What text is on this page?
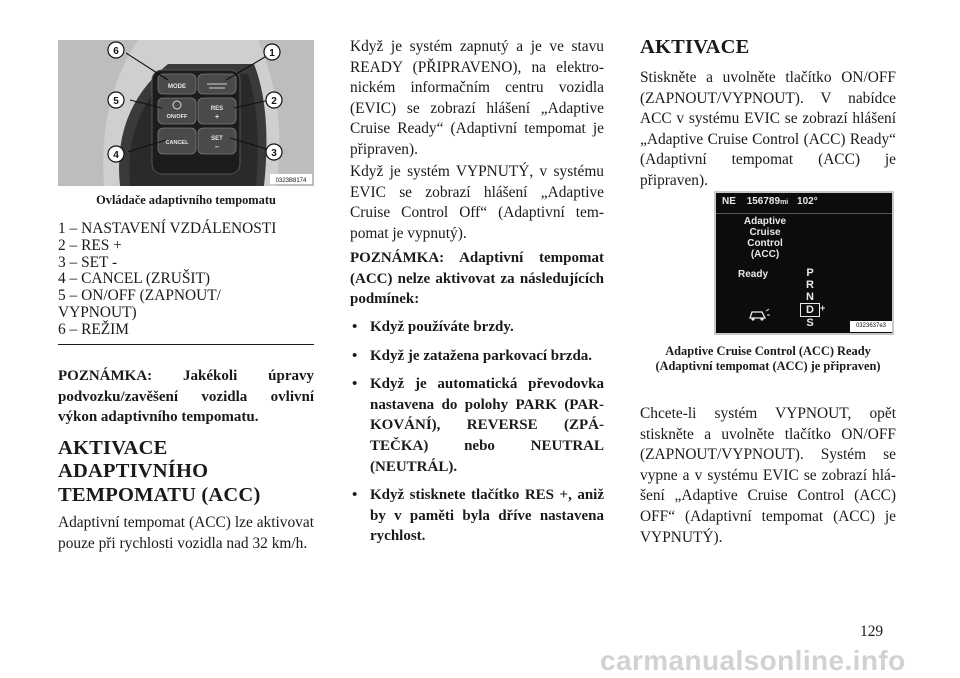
MODE
ON/OFF
RES
+
CANCEL
SET
–
1
2
3
4
5
6
0323B8174
Ovládače adaptivního tempomatu
1 – NASTAVENÍ VZDÁLENOSTI
2 – RES +
3 – SET -
4 – CANCEL (ZRUŠIT)
5 – ON/OFF (ZAPNOUT/
VYPNOUT)
6 – REŽIM

POZNÁMKA: Jakékoli úpravy podvozku/zavěšení vozidla ovlivní výkon adaptivního tempomatu.

AKTIVACE
ADAPTIVNÍHO
TEMPOMATU (ACC)

Adaptivní tempomat (ACC) lze aktivovat pouze při rychlosti vozidla nad 32 km/h.

Když je systém zapnutý a je ve stavu READY (PŘIPRAVENO), na elektronickém informačním centru vozidla (EVIC) se zobrazí hlášení „Adaptive Cruise Ready“ (Adaptivní tempomat je připraven).

Když je systém VYPNUTÝ, v systému EVIC se zobrazí hlášení „Adaptive Cruise Control Off“ (Adaptivní tempomat je vypnutý).

POZNÁMKA: Adaptivní tempomat (ACC) nelze aktivovat za následujících podmínek:

• Když používáte brzdy.
• Když je zatažena parkovací brzda.
• Když je automatická převodovka nastavena do polohy PARK (PARKOVÁNÍ), REVERSE (ZPÁTEČKA) nebo NEUTRAL (NEUTRÁL).
• Když stisknete tlačítko RES +, aniž by v paměti byla dříve nastavena rychlost.
AKTIVACE

Stiskněte a uvolněte tlačítko ON/OFF (ZAPNOUT/VYPNOUT). V nabídce ACC v systému EVIC se zobrazí hlášení „Adaptive Cruise Control (ACC) Ready“ (Adaptivní tempomat (ACC) je připraven).

NE 156789mi 102°
Adaptive
Cruise
Control
(ACC)
Ready	P
R
N
D
S
+
0323637e3
Adaptive Cruise Control (ACC) Ready (Adaptivní tempomat (ACC) je připraven)

Chcete-li systém VYPNOUT, opět stiskněte a uvolněte tlačítko ON/OFF (ZAPNOUT/VYPNOUT). Systém se vypne a v systému EVIC se zobrazí hlášení „Adaptive Cruise Control (ACC) OFF“ (Adaptivní tempomat (ACC) je VYPNUTÝ).

129
carmanualsonline.info
